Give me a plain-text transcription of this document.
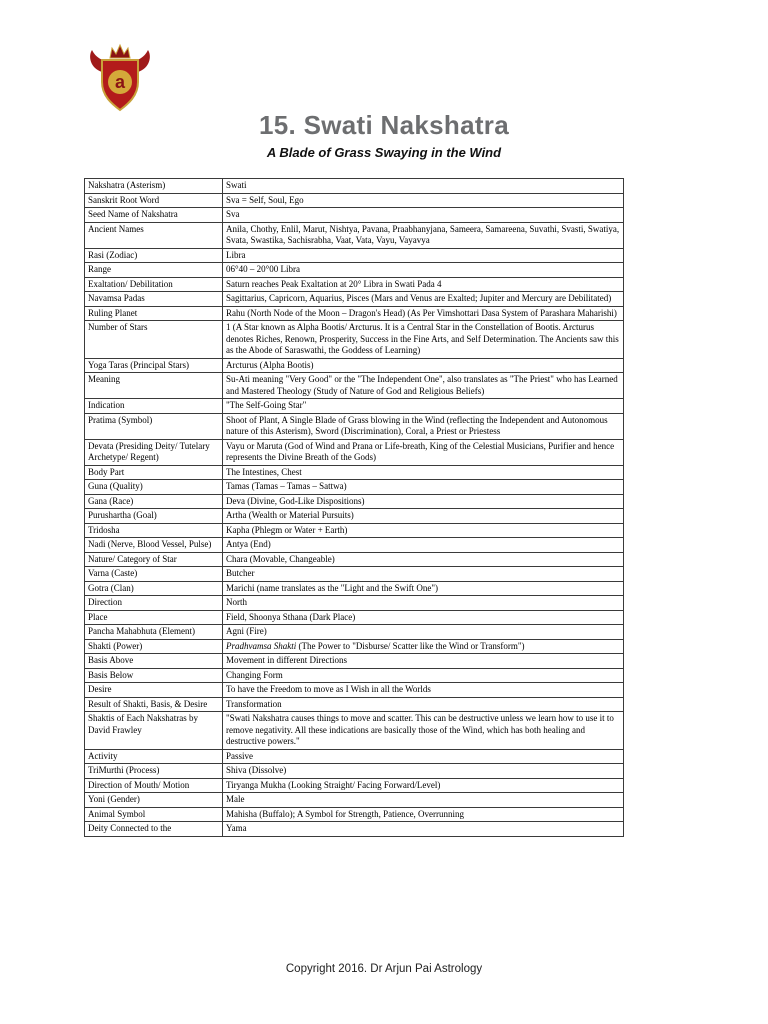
a
15. Swati Nakshatra
A Blade of Grass Swaying in the Wind
Nakshatra (Asterism)	Swati
Sanskrit Root Word	Sva = Self, Soul, Ego
Seed Name of Nakshatra	Sva
Ancient Names	Anila, Chothy, Enlil, Marut, Nishtya, Pavana, Praabhanyjana, Sameera, Samareena, Suvathi, Svasti, Swatiya, Svata, Swastika, Sachisrabha, Vaat, Vata, Vayu, Vayavya
Rasi (Zodiac)	Libra
Range	06°40 – 20°00 Libra
Exaltation/ Debilitation	Saturn reaches Peak Exaltation at 20° Libra in Swati Pada 4
Navamsa Padas	Sagittarius, Capricorn, Aquarius, Pisces (Mars and Venus are Exalted; Jupiter and Mercury are Debilitated)
Ruling Planet	Rahu (North Node of the Moon – Dragon's Head) (As Per Vimshottari Dasa System of Parashara Maharishi)
Number of Stars	1 (A Star known as Alpha Bootis/ Arcturus. It is a Central Star in the Constellation of Bootis. Arcturus denotes Riches, Renown, Prosperity, Success in the Fine Arts, and Self Determination. The Ancients saw this as the Abode of Saraswathi, the Goddess of Learning)
Yoga Taras (Principal Stars)	Arcturus (Alpha Bootis)
Meaning	Su-Ati meaning "Very Good" or the "The Independent One", also translates as "The Priest" who has Learned and Mastered Theology (Study of Nature of God and Religious Beliefs)
Indication	"The Self-Going Star"
Pratima (Symbol)	Shoot of Plant, A Single Blade of Grass blowing in the Wind (reflecting the Independent and Autonomous nature of this Asterism), Sword (Discrimination), Coral, a Priest or Priestess
Devata (Presiding Deity/ Tutelary Archetype/ Regent)	Vayu or Maruta (God of Wind and Prana or Life-breath, King of the Celestial Musicians, Purifier and hence represents the Divine Breath of the Gods)
Body Part	The Intestines, Chest
Guna (Quality)	Tamas (Tamas – Tamas – Sattwa)
Gana (Race)	Deva (Divine, God-Like Dispositions)
Purushartha (Goal)	Artha (Wealth or Material Pursuits)
Tridosha	Kapha (Phlegm or Water + Earth)
Nadi (Nerve, Blood Vessel, Pulse)	Antya (End)
Nature/ Category of Star	Chara (Movable, Changeable)
Varna (Caste)	Butcher
Gotra (Clan)	Marichi (name translates as the "Light and the Swift One")
Direction	North
Place	Field, Shoonya Sthana (Dark Place)
Pancha Mahabhuta (Element)	Agni (Fire)
Shakti (Power)	Pradhvamsa Shakti (The Power to "Disburse/ Scatter like the Wind or Transform")
Basis Above	Movement in different Directions
Basis Below	Changing Form
Desire	To have the Freedom to move as I Wish in all the Worlds
Result of Shakti, Basis, & Desire	Transformation
Shaktis of Each Nakshatras by David Frawley	"Swati Nakshatra causes things to move and scatter. This can be destructive unless we learn how to use it to remove negativity. All these indications are basically those of the Wind, which has both healing and destructive powers."
Activity	Passive
TriMurthi (Process)	Shiva (Dissolve)
Direction of Mouth/ Motion	Tiryanga Mukha (Looking Straight/ Facing Forward/Level)
Yoni (Gender)	Male
Animal Symbol	Mahisha (Buffalo); A Symbol for Strength, Patience, Overrunning
Deity Connected to the	Yama
Copyright 2016. Dr Arjun Pai Astrology
